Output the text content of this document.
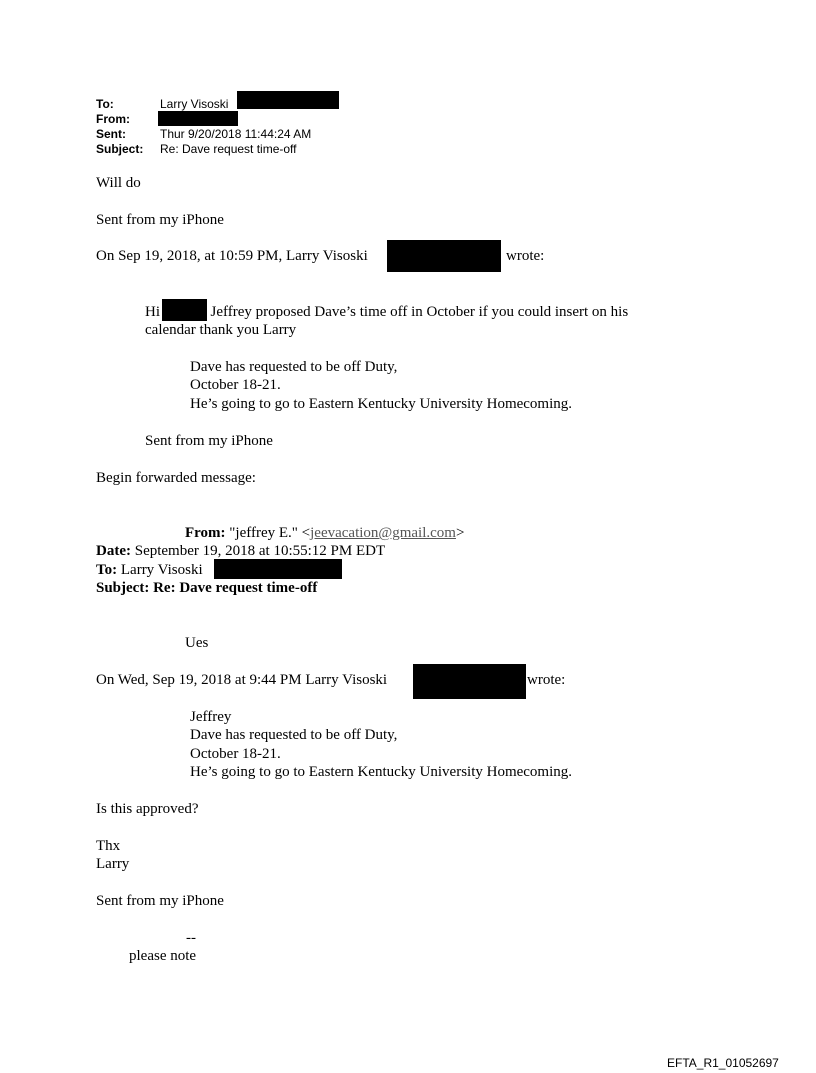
To:	Larry Visoski
From:
Sent:	Thur 9/20/2018 11:44:24 AM
Subject: Re: Dave request time-off
Will do
Sent from my iPhone
On Sep 19, 2018, at 10:59 PM, Larry Visoski	wrote:
Hi	. Jeffrey proposed Dave’s time off in October if you could insert on his
calendar thank you Larry
Dave has requested to be off Duty,
October 18-21.
He’s going to go to Eastern Kentucky University Homecoming.
Sent from my iPhone
Begin forwarded message:
From: "jeffrey E." <jeevacation@gmail.com>
Date: September 19, 2018 at 10:55:12 PM EDT
To: Larry Visoski
Subject: Re: Dave request time-off
Ues
On Wed, Sep 19, 2018 at 9:44 PM Larry Visoski	wrote:
Jeffrey
Dave has requested to be off Duty,
October 18-21.
He’s going to go to Eastern Kentucky University Homecoming.
Is this approved?
Thx
Larry
Sent from my iPhone
--
please note
EFTA_R1_01052697
